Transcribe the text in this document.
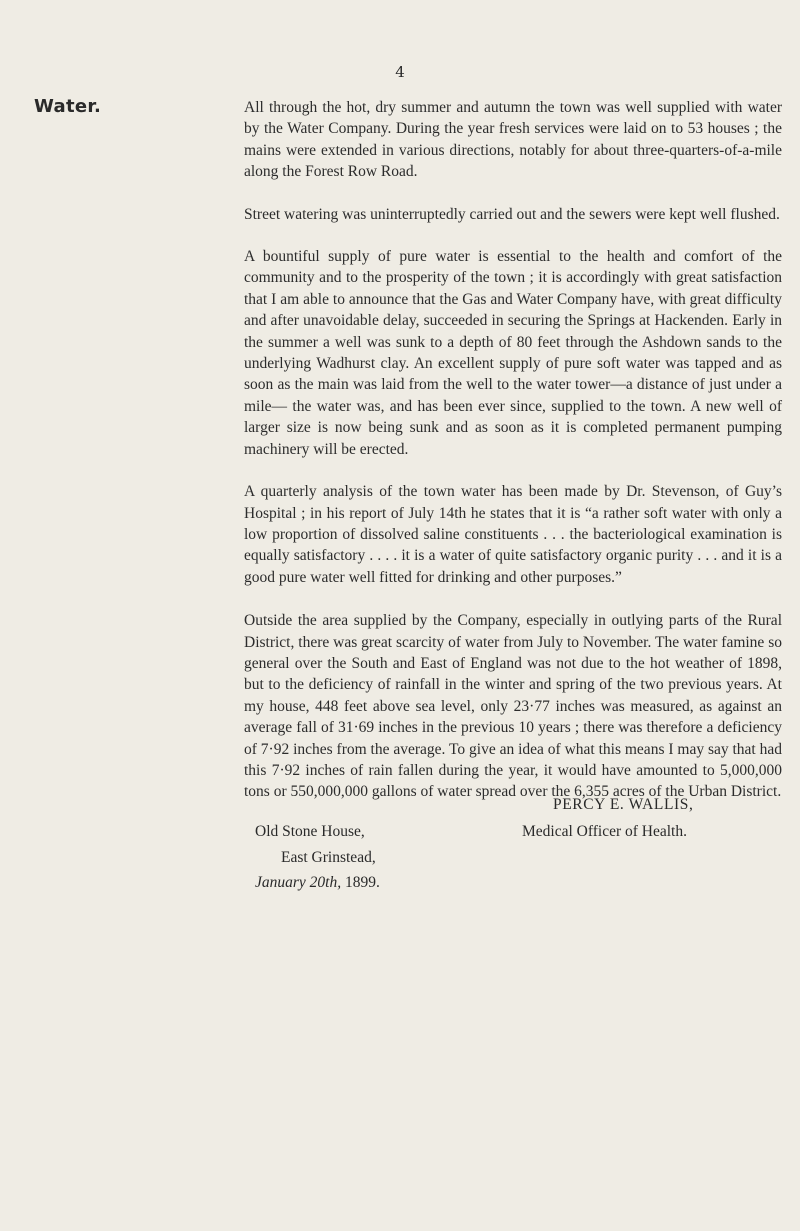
4
Water.	All through the hot, dry summer and autumn the town was well supplied with water by the Water Company. During the year fresh services were laid on to 53 houses ; the mains were extended in various directions, notably for about three-quarters-of-a-mile along the Forest Row Road.

Street watering was uninterruptedly carried out and the sewers were kept well flushed.

A bountiful supply of pure water is essential to the health and comfort of the community and to the prosperity of the town ; it is accordingly with great satisfaction that I am able to announce that the Gas and Water Company have, with great difficulty and after unavoidable delay, succeeded in securing the Springs at Hackenden. Early in the summer a well was sunk to a depth of 80 feet through the Ashdown sands to the underlying Wadhurst clay. An excellent supply of pure soft water was tapped and as soon as the main was laid from the well to the water tower—a distance of just under a mile— the water was, and has been ever since, supplied to the town. A new well of larger size is now being sunk and as soon as it is completed permanent pumping machinery will be erected.

A quarterly analysis of the town water has been made by Dr. Stevenson, of Guy’s Hospital ; in his report of July 14th he states that it is “a rather soft water with only a low proportion of dissolved saline constituents . . . the bacteriological examination is equally satisfactory . . . . it is a water of quite satisfactory organic purity . . . and it is a good pure water well fitted for drinking and other purposes.”

Outside the area supplied by the Company, especially in outlying parts of the Rural District, there was great scarcity of water from July to November. The water famine so general over the South and East of England was not due to the hot weather of 1898, but to the deficiency of rainfall in the winter and spring of the two previous years. At my house, 448 feet above sea level, only 23·77 inches was measured, as against an average fall of 31·69 inches in the previous 10 years ; there was therefore a deficiency of 7·92 inches from the average. To give an idea of what this means I may say that had this 7·92 inches of rain fallen during the year, it would have amounted to 5,000,000 tons or 550,000,000 gallons of water spread over the 6,355 acres of the Urban District.

PERCY E. WALLIS,
Medical Officer of Health.
Old Stone House,
East Grinstead,
January 20th, 1899.
